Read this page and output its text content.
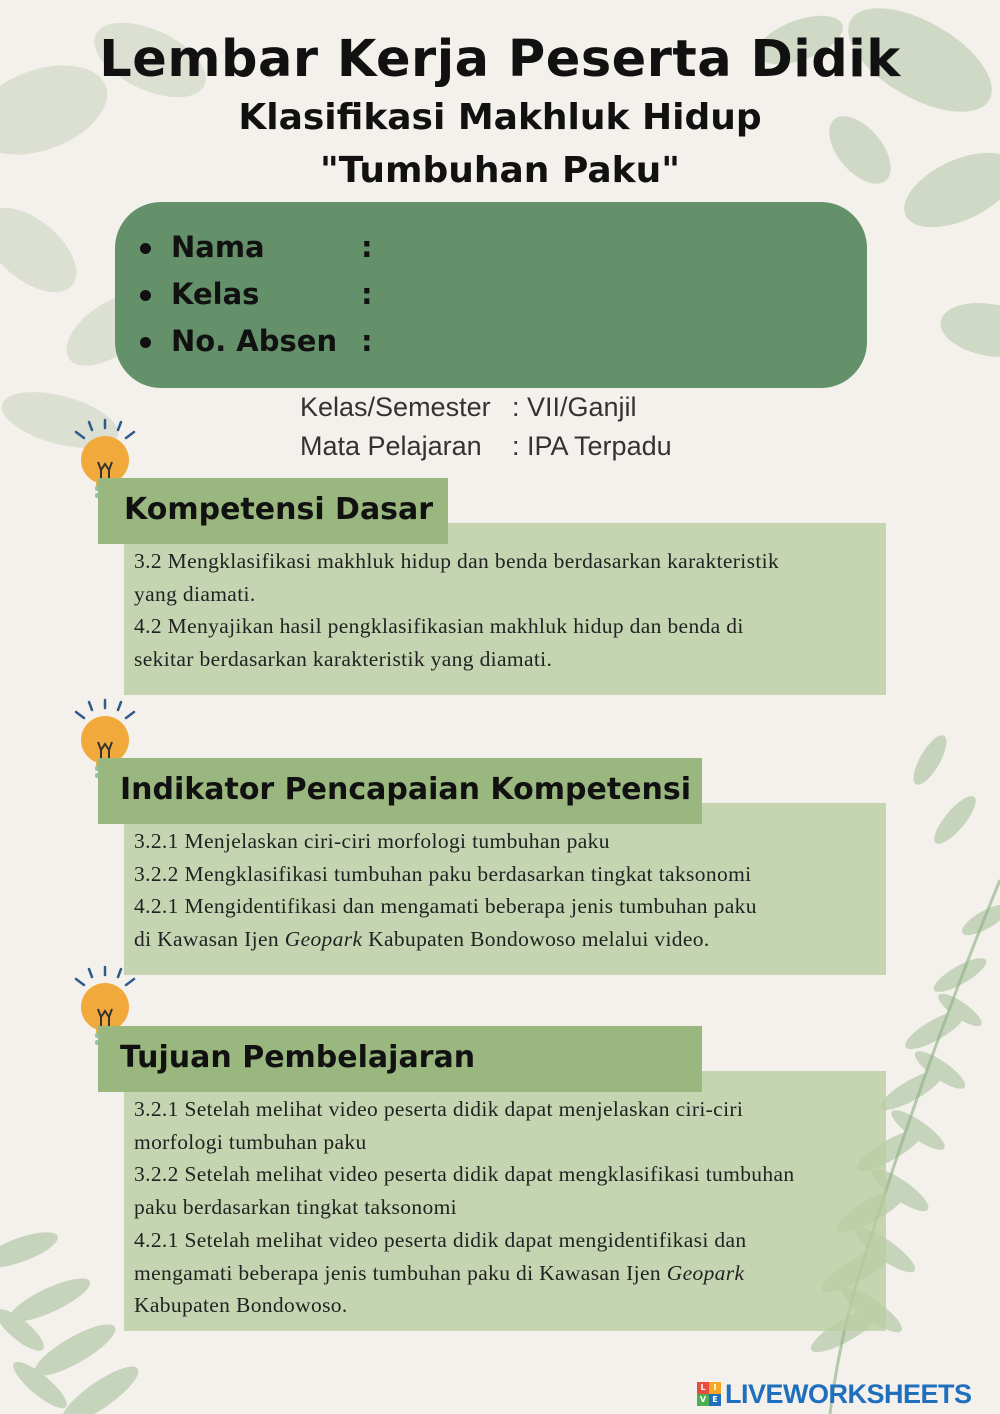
Lembar Kerja Peserta Didik
Klasifikasi Makhluk Hidup
"Tumbuhan Paku"
Nama	:
Kelas	:
No. Absen :
Kelas/Semester : VII/Ganjil
Mata Pelajaran	: IPA Terpadu
Kompetensi Dasar

3.2 Mengklasifikasi makhluk hidup dan benda berdasarkan karakteristik

yang diamati.

4.2 Menyajikan hasil pengklasifikasian makhluk hidup dan benda di

sekitar berdasarkan karakteristik yang diamati.

Indikator Pencapaian Kompetensi

3.2.1 Menjelaskan ciri-ciri morfologi tumbuhan paku

3.2.2 Mengklasifikasi tumbuhan paku berdasarkan tingkat taksonomi

4.2.1 Mengidentifikasi dan mengamati beberapa jenis tumbuhan paku

di Kawasan Ijen Geopark Kabupaten Bondowoso melalui video.

Tujuan Pembelajaran

3.2.1 Setelah melihat video peserta didik dapat menjelaskan ciri-ciri

morfologi tumbuhan paku

3.2.2 Setelah melihat video peserta didik dapat mengklasifikasi tumbuhan

paku berdasarkan tingkat taksonomi

4.2.1 Setelah melihat video peserta didik dapat mengidentifikasi dan

mengamati beberapa jenis tumbuhan paku di Kawasan Ijen Geopark

Kabupaten Bondowoso.

L I
V E LIVEWORKSHEETS
